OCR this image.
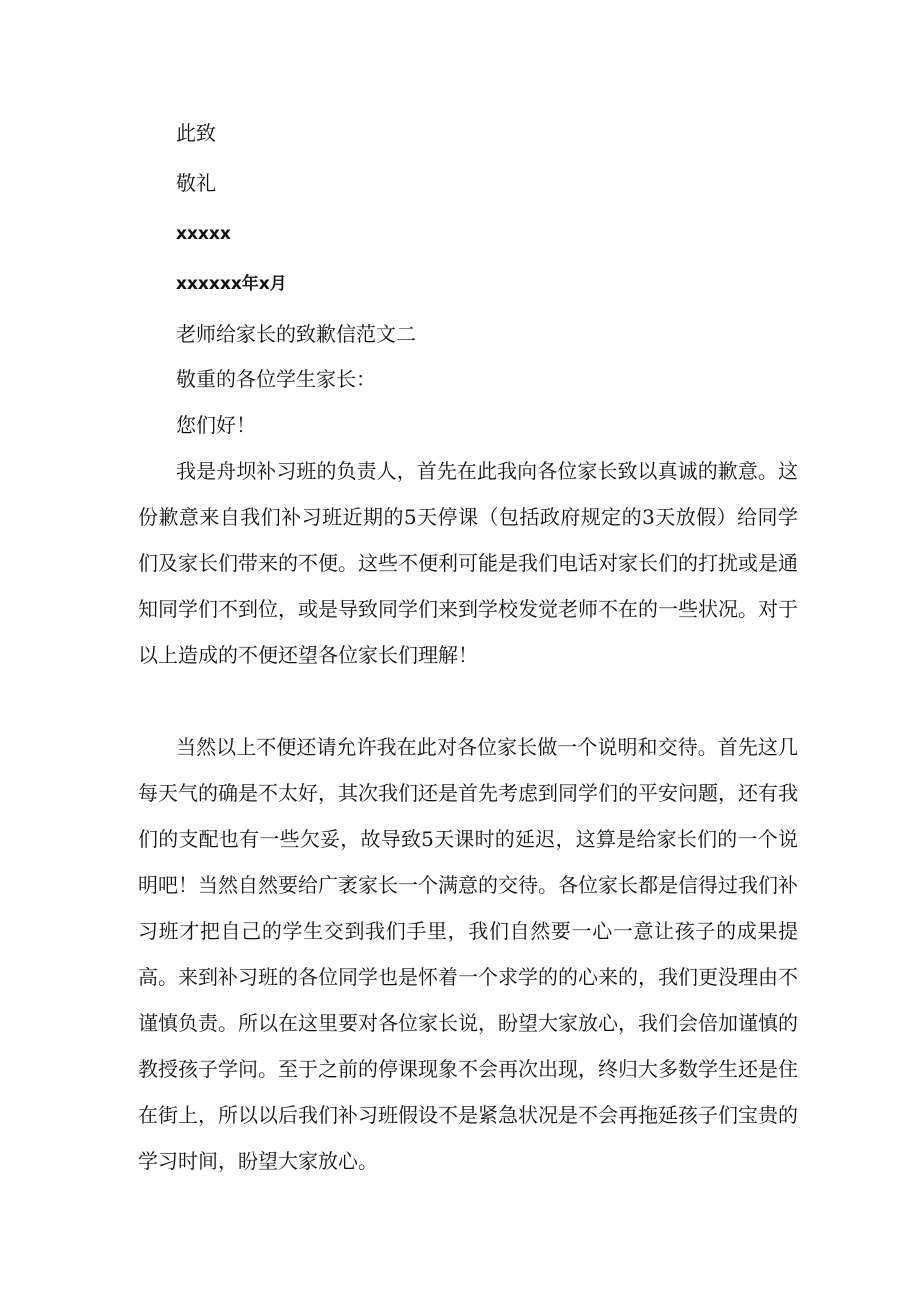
此致
敬礼
xxxxx
xxxxxx年x月
老师给家长的致歉信范文二
敬重的各位学生家长：
您们好！

我是舟坝补习班的负责人，首先在此我向各位家长致以真诚的歉意。这份歉意来自我们补习班近期的5天停课（包括政府规定的3天放假）给同学们及家长们带来的不便。这些不便利可能是我们电话对家长们的打扰或是通知同学们不到位，或是导致同学们来到学校发觉老师不在的一些状况。对于以上造成的不便还望各位家长们理解！

当然以上不便还请允许我在此对各位家长做一个说明和交待。首先这几每天气的确是不太好，其次我们还是首先考虑到同学们的平安问题，还有我们的支配也有一些欠妥，故导致5天课时的延迟，这算是给家长们的一个说明吧！当然自然要给广袤家长一个满意的交待。各位家长都是信得过我们补习班才把自己的学生交到我们手里，我们自然要一心一意让孩子的成果提高。来到补习班的各位同学也是怀着一个求学的的心来的，我们更没理由不谨慎负责。所以在这里要对各位家长说，盼望大家放心，我们会倍加谨慎的教授孩子学问。至于之前的停课现象不会再次出现，终归大多数学生还是住在街上，所以以后我们补习班假设不是紧急状况是不会再拖延孩子们宝贵的学习时间，盼望大家放心。
